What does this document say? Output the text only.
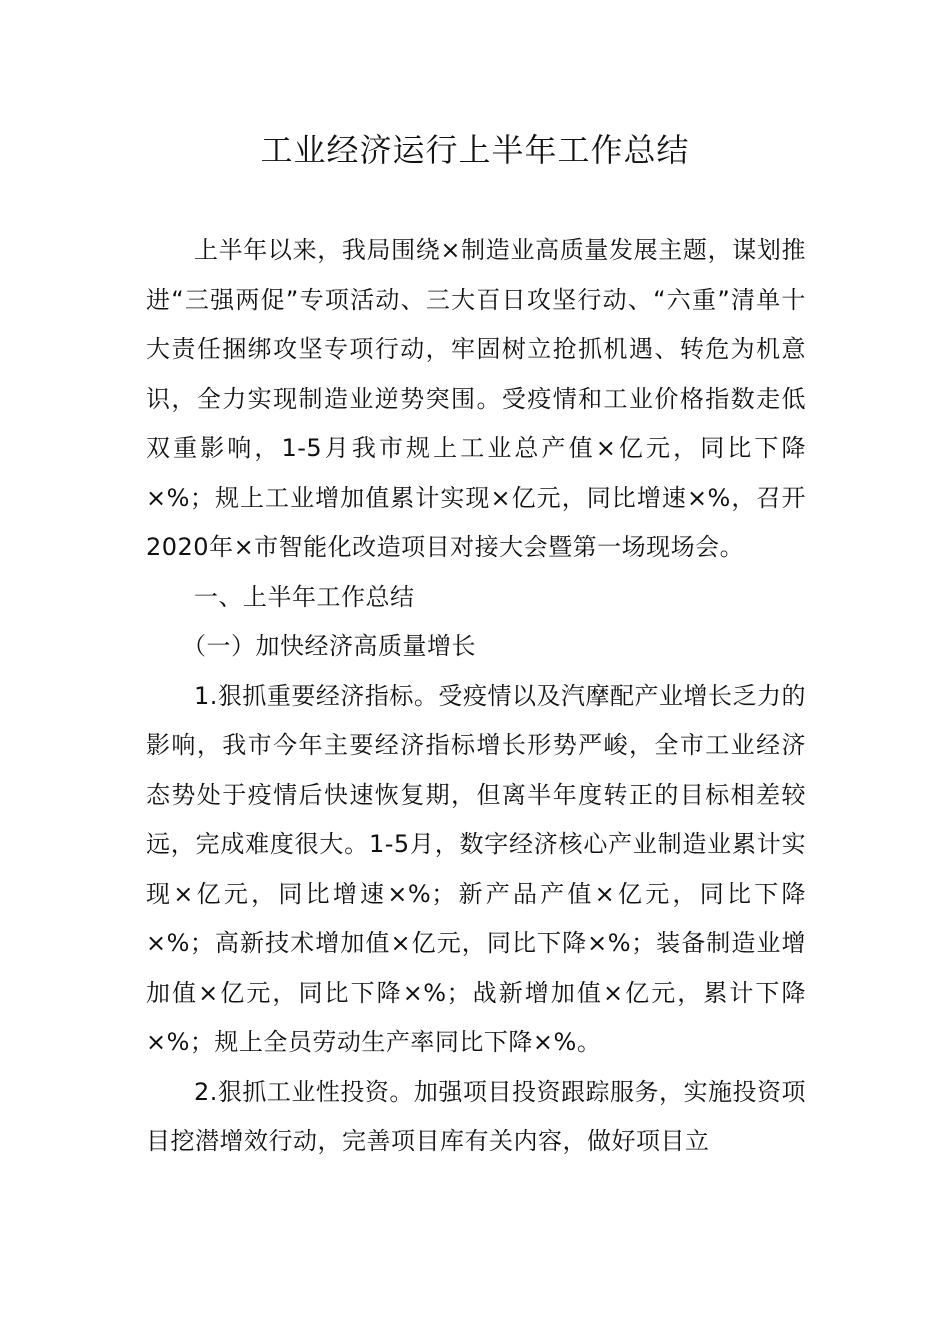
工业经济运行上半年工作总结

上半年以来，我局围绕×制造业高质量发展主题，谋划推进“三强两促”专项活动、三大百日攻坚行动、“六重”清单十大责任捆绑攻坚专项行动，牢固树立抢抓机遇、转危为机意识，全力实现制造业逆势突围。受疫情和工业价格指数走低双重影响，1-5月我市规上工业总产值×亿元，同比下降×%；规上工业增加值累计实现×亿元，同比增速×%，召开2020年×市智能化改造项目对接大会暨第一场现场会。

一、上半年工作总结

（一）加快经济高质量增长

1.狠抓重要经济指标。受疫情以及汽摩配产业增长乏力的影响，我市今年主要经济指标增长形势严峻，全市工业经济态势处于疫情后快速恢复期，但离半年度转正的目标相差较远，完成难度很大。1-5月，数字经济核心产业制造业累计实现×亿元，同比增速×%；新产品产值×亿元，同比下降×%；高新技术增加值×亿元，同比下降×%；装备制造业增加值×亿元，同比下降×%；战新增加值×亿元，累计下降×%；规上全员劳动生产率同比下降×%。

2.狠抓工业性投资。加强项目投资跟踪服务，实施投资项目挖潜增效行动，完善项目库有关内容，做好项目立
